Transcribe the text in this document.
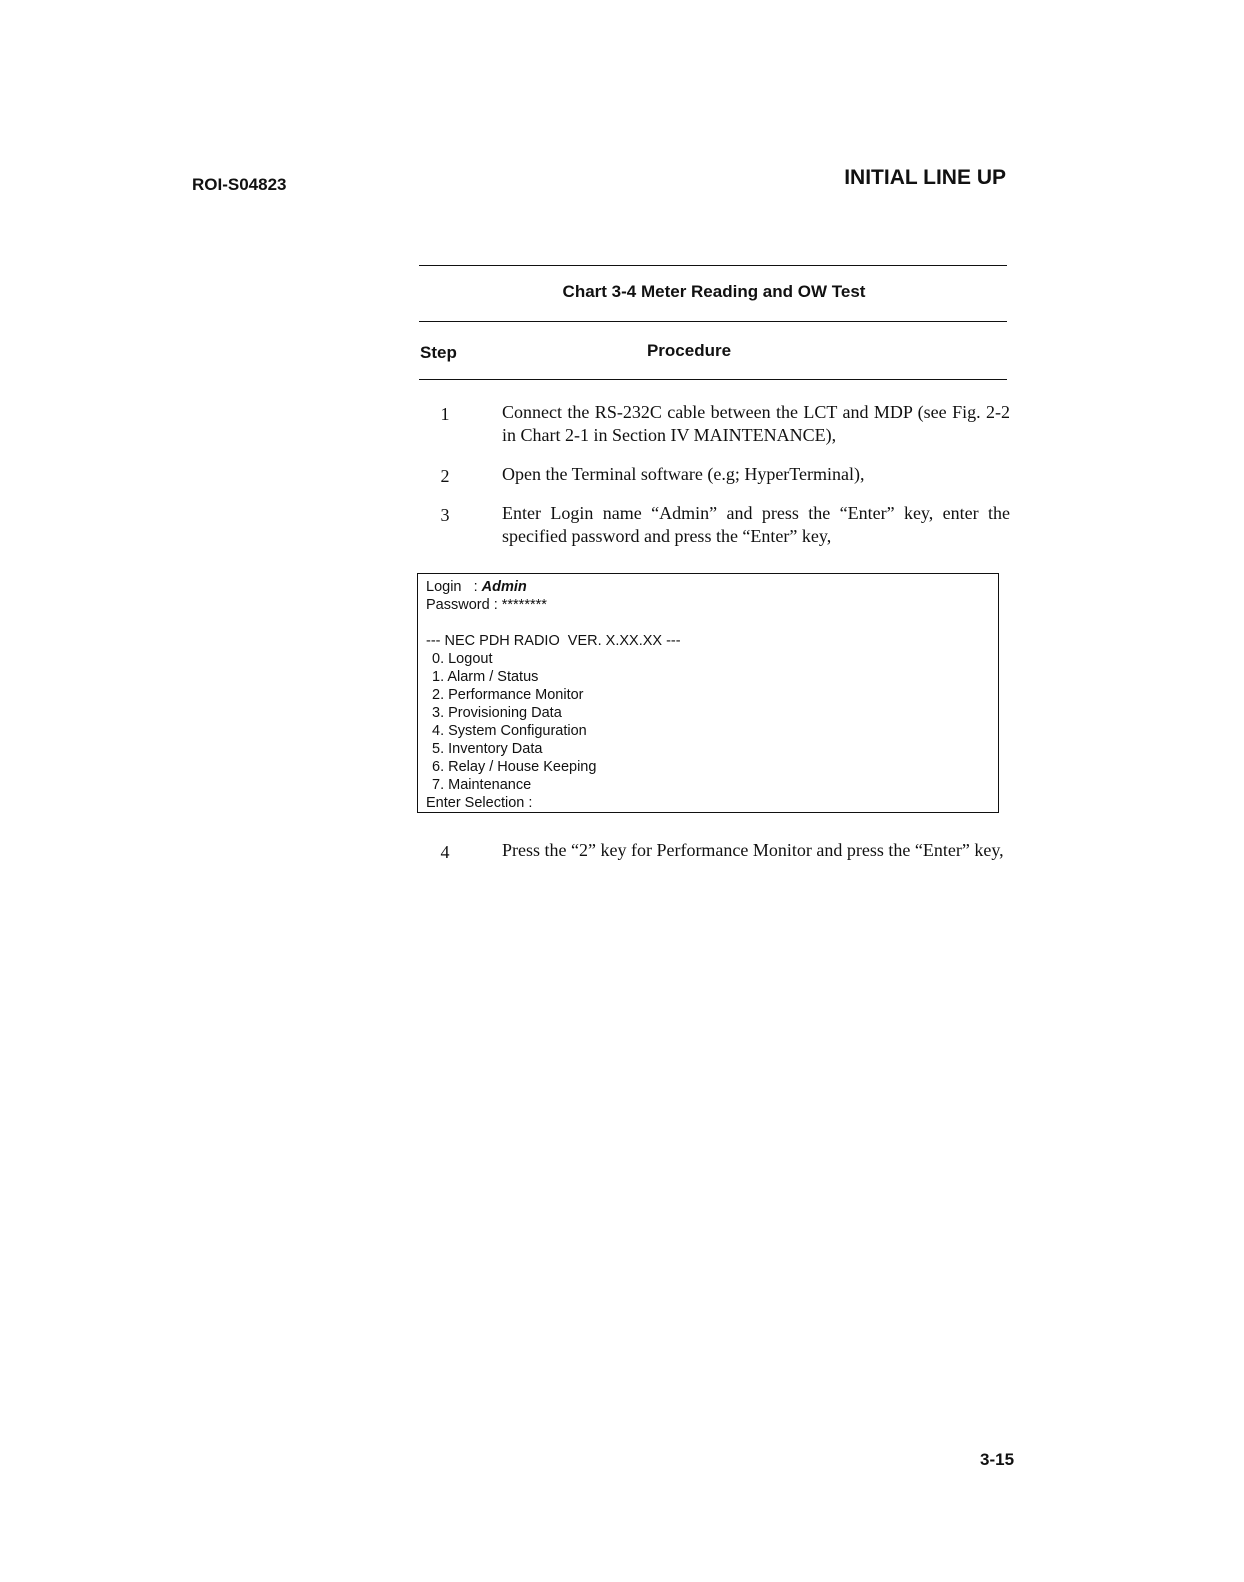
ROI-S04823	INITIAL LINE UP
Chart 3-4 Meter Reading and OW Test
Step	Procedure
1	Connect the RS-232C cable between the LCT and MDP (see Fig. 2-2 in Chart 2-1 in Section IV MAINTENANCE),
2	Open the Terminal software (e.g; HyperTerminal),
3	Enter Login name “Admin” and press the “Enter” key, enter the specified password and press the “Enter” key,
Login   : Admin
Password : ********
--- NEC PDH RADIO  VER. X.XX.XX ---
0. Logout
1. Alarm / Status
2. Performance Monitor
3. Provisioning Data
4. System Configuration
5. Inventory Data
6. Relay / House Keeping
7. Maintenance
Enter Selection :
4	Press the “2” key for Performance Monitor and press the “Enter” key,
3-15
